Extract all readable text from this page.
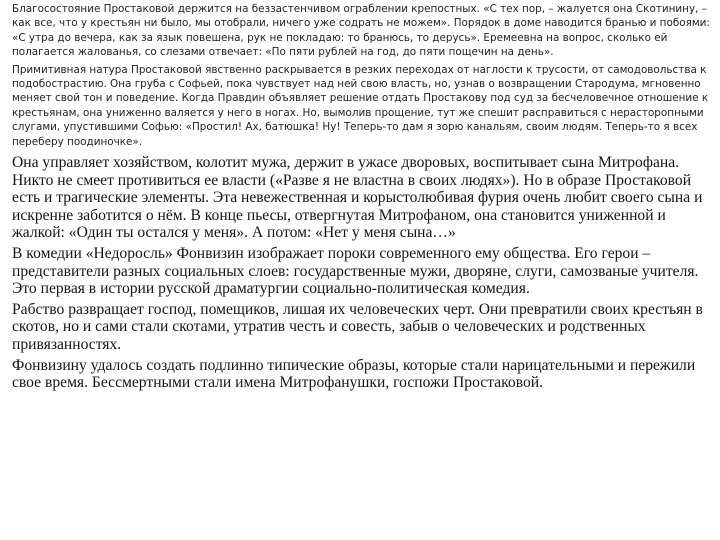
Благосостояние Простаковой держится на беззастенчивом ограблении крепостных. «С тех пор, – жалуется она Скотинину, – как все, что у крестьян ни было, мы отобрали, ничего уже содрать не можем». Порядок в доме наводится бранью и побоями: «С утра до вечера, как за язык повешена, рук не покладаю: то бранюсь, то дерусь». Еремеевна на вопрос, сколько ей полагается жалованья, со слезами отвечает: «По пяти рублей на год, до пяти пощечин на день».

Примитивная натура Простаковой явственно раскрывается в резких переходах от наглости к трусости, от самодовольства к подобострастию. Она груба с Софьей, пока чувствует над ней свою власть, но, узнав о возвращении Стародума, мгновенно меняет свой тон и поведение. Когда Правдин объявляет решение отдать Простакову под суд за бесчеловечное отношение к крестьянам, она униженно валяется у него в ногах. Но, вымолив прощение, тут же спешит расправиться с нерасторопными слугами, упустившими Софью: «Простил! Ах, батюшка! Ну! Теперь-то дам я зорю канальям, своим людям. Теперь-то я всех переберу поодиночке».

Она управляет хозяйством, колотит мужа, держит в ужасе дворовых, воспитывает сына Митрофана. Никто не смеет противиться ее власти («Разве я не властна в своих людях»). Но в образе Простаковой есть и трагические элементы. Эта невежественная и корыстолюбивая фурия очень любит своего сына и искренне заботится о нём. В конце пьесы, отвергнутая Митрофаном, она становится униженной и жалкой: «Один ты остался у меня». А потом: «Нет у меня сына…»

В комедии «Недоросль» Фонвизин изображает пороки современного ему общества. Его герои – представители разных социальных слоев: государственные мужи, дворяне, слуги, самозваные учителя. Это первая в истории русской драматургии социально-политическая комедия.

Рабство развращает господ, помещиков, лишая их человеческих черт. Они превратили своих крестьян в скотов, но и сами стали скотами, утратив честь и совесть, забыв о человеческих и родственных привязанностях.

Фонвизину удалось создать подлинно типические образы, которые стали нарицательными и пережили свое время. Бессмертными стали имена Митрофанушки, госпожи Простаковой.
